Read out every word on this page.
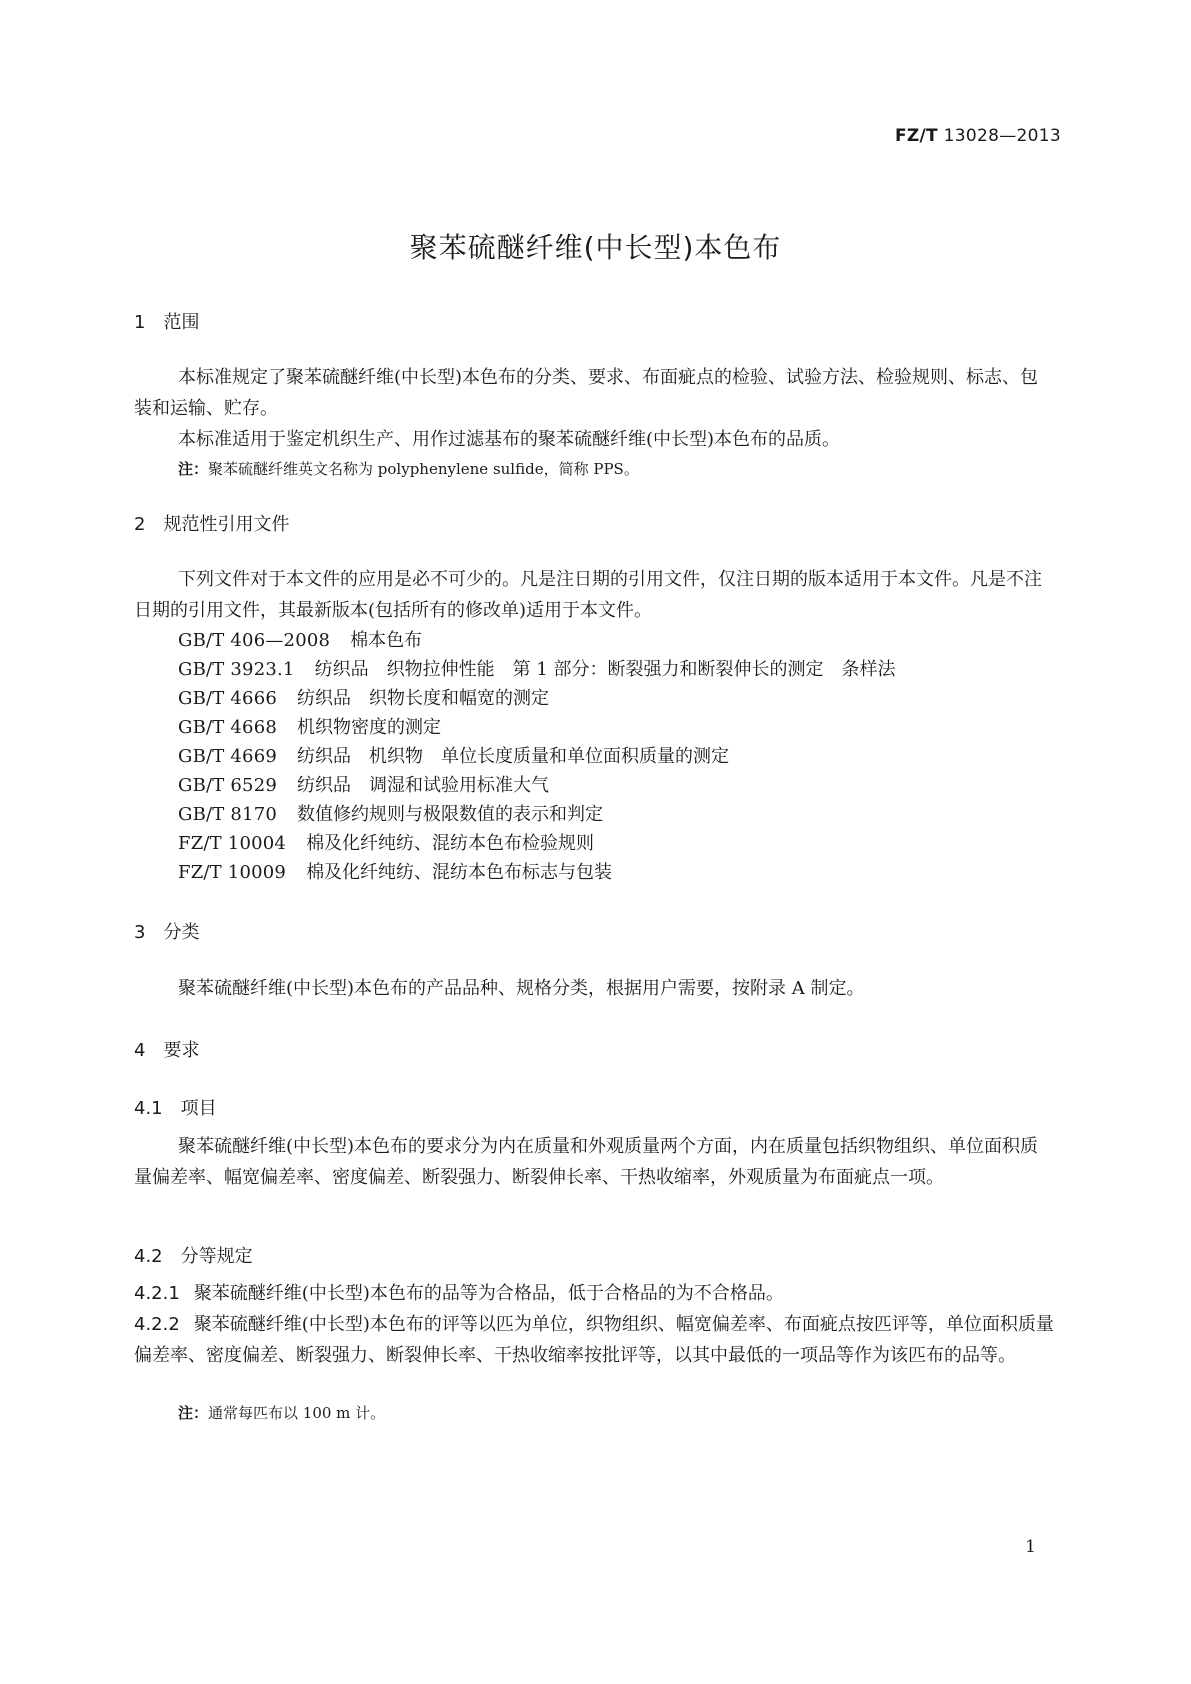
FZ/T 13028—2013
聚苯硫醚纤维(中长型)本色布
1 范围
本标准规定了聚苯硫醚纤维(中长型)本色布的分类、要求、布面疵点的检验、试验方法、检验规则、标志、包装和运输、贮存。
本标准适用于鉴定机织生产、用作过滤基布的聚苯硫醚纤维(中长型)本色布的品质。
注：聚苯硫醚纤维英文名称为 polyphenylene sulfide，简称 PPS。
2 规范性引用文件
下列文件对于本文件的应用是必不可少的。凡是注日期的引用文件，仅注日期的版本适用于本文件。凡是不注日期的引用文件，其最新版本(包括所有的修改单)适用于本文件。
GB/T 406—2008 棉本色布
GB/T 3923.1 纺织品　织物拉伸性能　第 1 部分：断裂强力和断裂伸长的测定　条样法
GB/T 4666 纺织品　织物长度和幅宽的测定
GB/T 4668 机织物密度的测定
GB/T 4669 纺织品　机织物　单位长度质量和单位面积质量的测定
GB/T 6529 纺织品　调湿和试验用标准大气
GB/T 8170 数值修约规则与极限数值的表示和判定
FZ/T 10004 棉及化纤纯纺、混纺本色布检验规则
FZ/T 10009 棉及化纤纯纺、混纺本色布标志与包装
3 分类
聚苯硫醚纤维(中长型)本色布的产品品种、规格分类，根据用户需要，按附录 A 制定。
4 要求
4.1 项目
聚苯硫醚纤维(中长型)本色布的要求分为内在质量和外观质量两个方面，内在质量包括织物组织、单位面积质量偏差率、幅宽偏差率、密度偏差、断裂强力、断裂伸长率、干热收缩率，外观质量为布面疵点一项。
4.2 分等规定
4.2.1 聚苯硫醚纤维(中长型)本色布的品等为合格品，低于合格品的为不合格品。
4.2.2 聚苯硫醚纤维(中长型)本色布的评等以匹为单位，织物组织、幅宽偏差率、布面疵点按匹评等，单位面积质量偏差率、密度偏差、断裂强力、断裂伸长率、干热收缩率按批评等，以其中最低的一项品等作为该匹布的品等。
注：通常每匹布以 100 m 计。
1
